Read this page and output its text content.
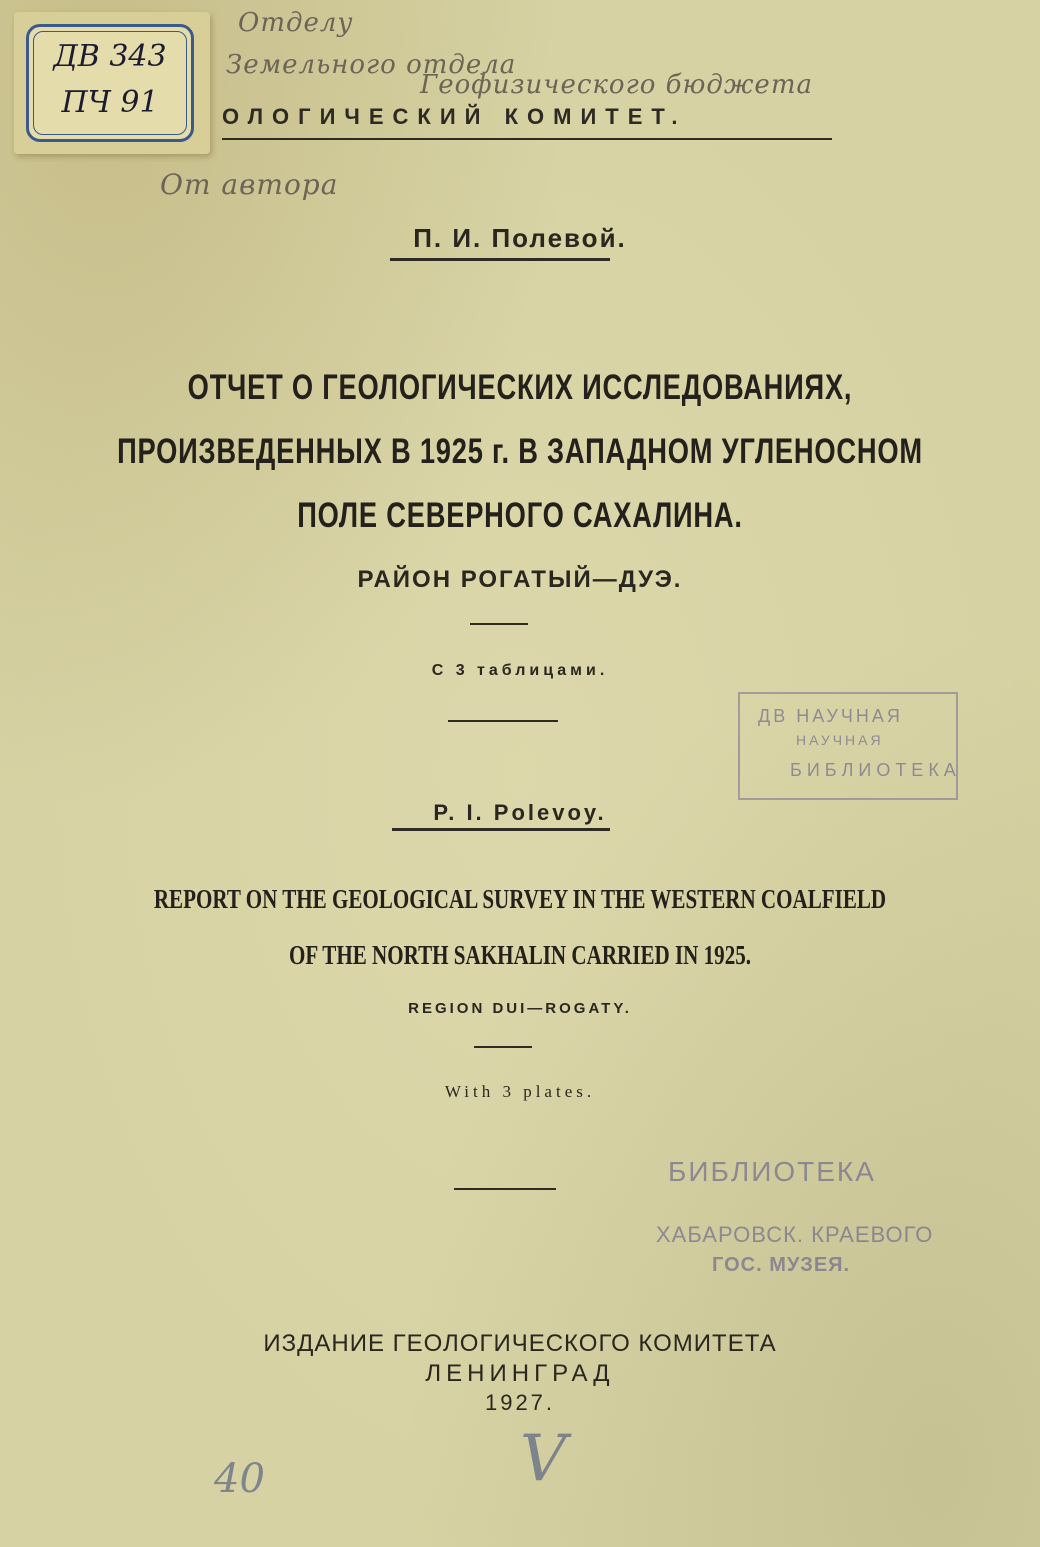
ДВ 343
ПЧ 91
Отделу
Земельного отдела
Геофизического бюджета
От автора
ОЛОГИЧЕСКИЙ КОМИТЕТ.
П. И. Полевой.
ОТЧЕТ О ГЕОЛОГИЧЕСКИХ ИССЛЕДОВАНИЯХ,
ПРОИЗВЕДЕННЫХ В 1925 г. В ЗАПАДНОМ УГЛЕНОСНОМ
ПОЛЕ СЕВЕРНОГО САХАЛИНА.
РАЙОН РОГАТЫЙ—ДУЭ.
С 3 таблицами.
ДВ НАУЧНАЯ
НАУЧНАЯ
БИБЛИОТЕКА
P. I. Polevoy.
REPORT ON THE GEOLOGICAL SURVEY IN THE WESTERN COALFIELD
OF THE NORTH SAKHALIN CARRIED IN 1925.
REGION DUI—ROGATY.
With 3 plates.
БИБЛИОТЕКА
ХАБАРОВСК. КРАЕВОГО
ГОС. МУЗЕЯ.
ИЗДАНИЕ ГЕОЛОГИЧЕСКОГО КОМИТЕТА
ЛЕНИНГРАД
1927.
40	V
